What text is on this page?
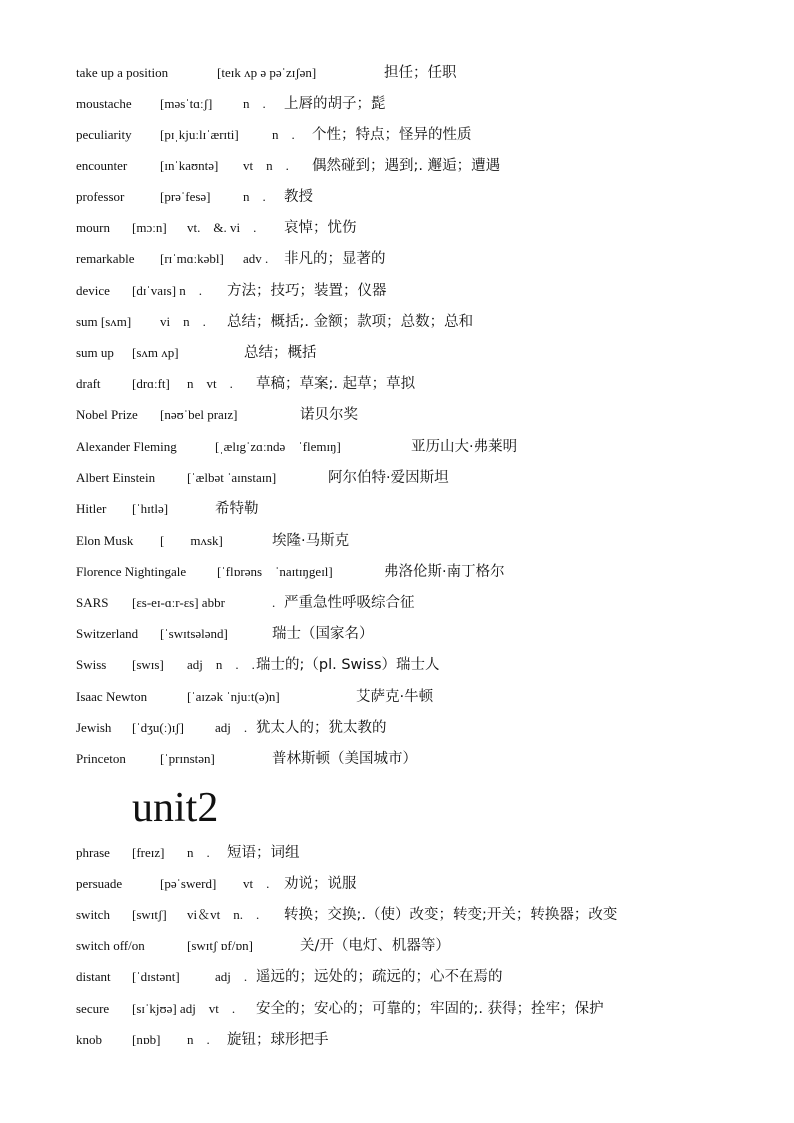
take up a position	[teɪk ʌp ə pəˈzɪʃən]	担任；任职
moustache [məsˈtɑːʃ] n　. 上唇的胡子；髭
peculiarity [pɪˌkjuːlɪˈærɪti]	n　. 个性；特点；怪异的性质
encounter	[ɪnˈkaʊntə] vt　n　. 偶然碰到；遇到;. 邂逅；遭遇
professor	[prəˈfesə] n　. 教授
mourn [mɔːn] vt.　&. vi　. 哀悼；忧伤
remarkable [rɪˈmɑːkəbl] adv . 非凡的；显著的
device [dɪˈvaɪs] n　. 方法；技巧；装置；仪器
sum [sʌm] vi　n　. 总结；概括;. 金额；款项；总数；总和
sum up [sʌm ʌp]	总结；概括
draft [drɑːft] n　vt　. 草稿；草案;. 起草；草拟
Nobel Prize [nəʊˈbel praɪz]	诺贝尔奖
Alexander Fleming	[ˌælɪgˈzɑːndə　ˈflemɪŋ]	亚历山大·弗莱明
Albert Einstein [ˈælbət ˈaɪnstaɪn]	阿尔伯特·爱因斯坦
Hitler [ˈhɪtlə]	希特勒
Elon Musk [　　mʌsk]	埃隆·马斯克
Florence Nightingale [ˈflɒrəns　ˈnaɪtɪŋgeɪl]	弗洛伦斯·南丁格尔
SARS [ɛs-eɪ-ɑːr-ɛs] abbr	. 严重急性呼吸综合征
Switzerland [ˈswɪtsələnd]	瑞士（国家名）
Swiss [swɪs] adj　n　.　. 瑞士的;（pl. Swiss）瑞士人
Isaac Newton	[ˈaɪzək ˈnjuːt(ə)n]	艾萨克·牛顿
Jewish [ˈdʒu(ː)ɪʃ] adj　. 犹太人的；犹太教的
Princeton	[ˈprɪnstən]	普林斯顿（美国城市）
unit2
phrase [freɪz] n　. 短语；词组
persuade	[pəˈswerd] vt　. 劝说；说服
switch [swɪtʃ] vi＆vt　n.　. 转换；交换;.（使）改变；转变;开关；转换器；改变
switch off/on	[swɪtʃ ɒf/ɒn]	关/开（电灯、机器等）
distant [ˈdɪstənt]	adj　. 遥远的；远处的；疏远的；心不在焉的
secure [sɪˈkjʊə] adj　vt　. 安全的；安心的；可靠的；牢固的;. 获得；拴牢；保护
knob [nɒb] n　. 旋钮；球形把手
